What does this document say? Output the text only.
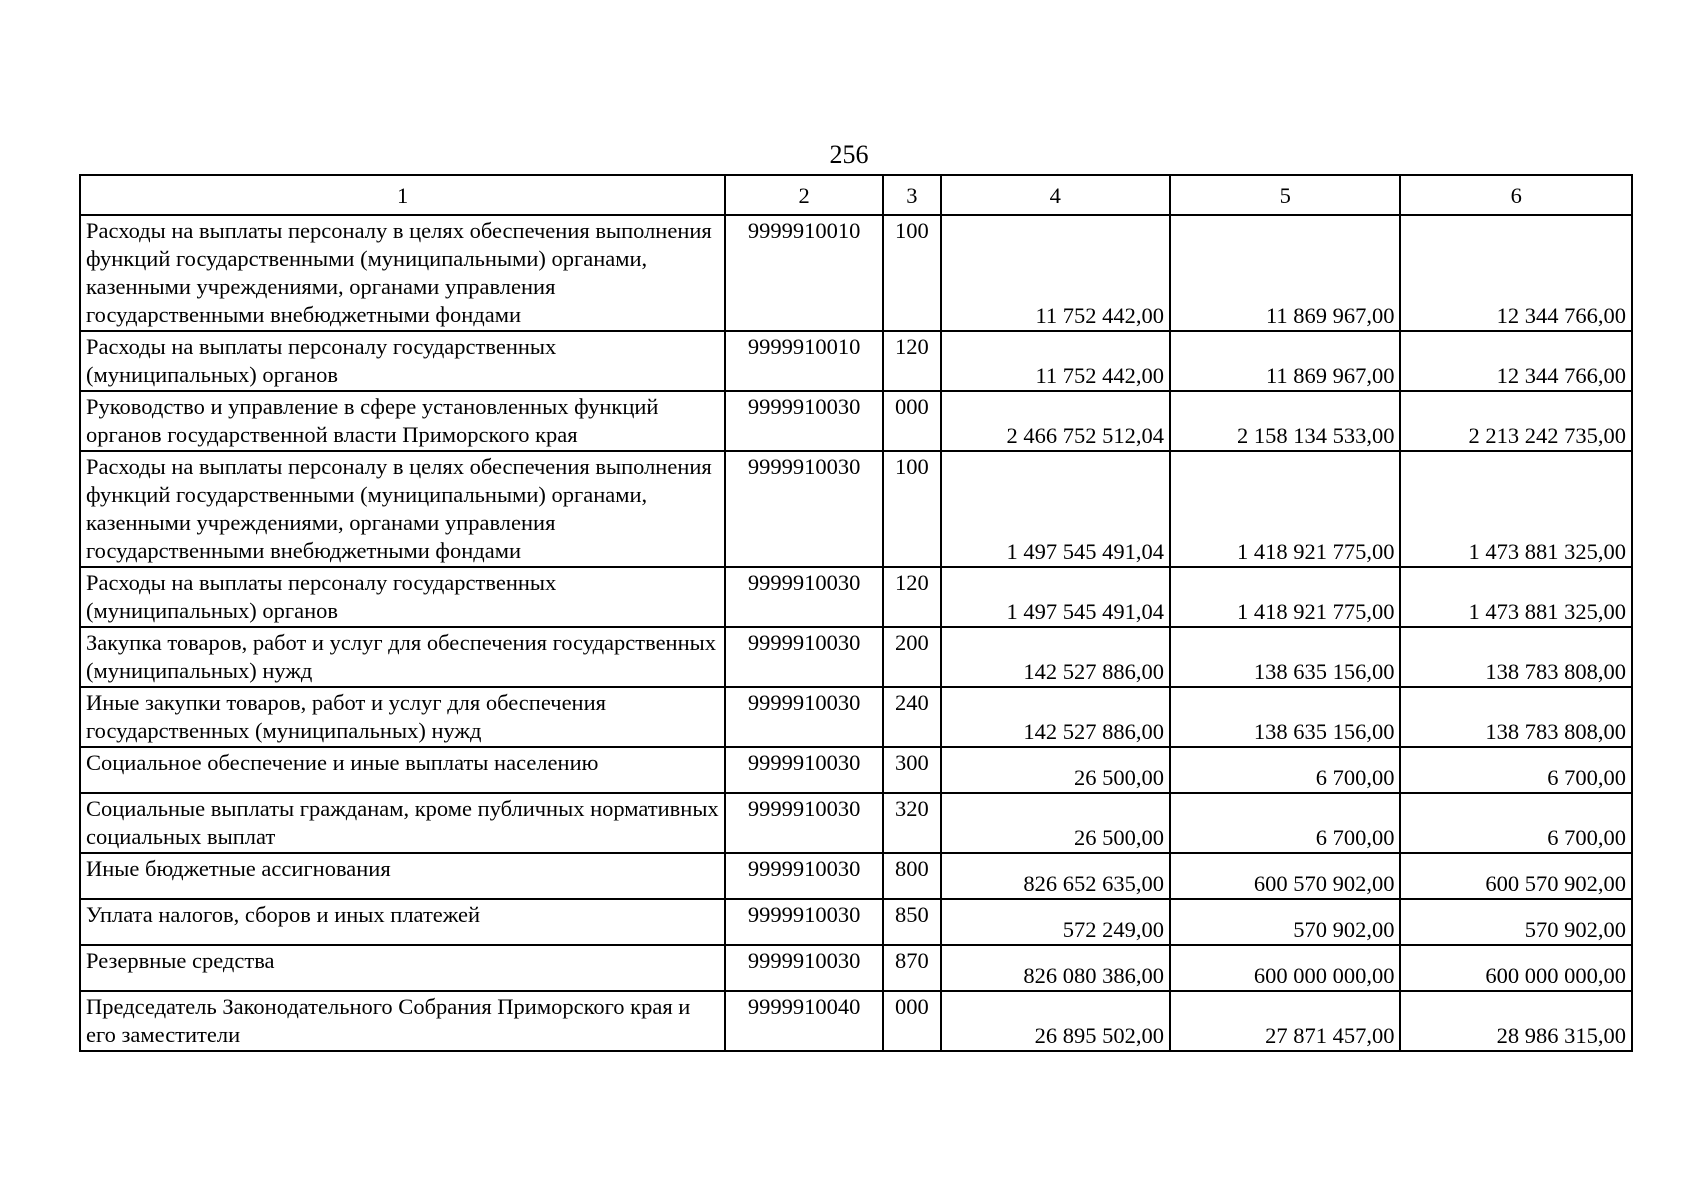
256
1	2	3	4	5	6
Расходы на выплаты персоналу в целях обеспечения выполнения функций государственными (муниципальными) органами, казенными учреждениями, органами управления государственными внебюджетными фондами	9999910010	100	11 752 442,00	11 869 967,00	12 344 766,00
Расходы на выплаты персоналу государственных (муниципальных) органов	9999910010	120	11 752 442,00	11 869 967,00	12 344 766,00
Руководство и управление в сфере установленных функций органов государственной власти Приморского края	9999910030	000	2 466 752 512,04	2 158 134 533,00	2 213 242 735,00
Расходы на выплаты персоналу в целях обеспечения выполнения функций государственными (муниципальными) органами, казенными учреждениями, органами управления государственными внебюджетными фондами	9999910030	100	1 497 545 491,04	1 418 921 775,00	1 473 881 325,00
Расходы на выплаты персоналу государственных (муниципальных) органов	9999910030	120	1 497 545 491,04	1 418 921 775,00	1 473 881 325,00
Закупка товаров, работ и услуг для обеспечения государственных (муниципальных) нужд	9999910030	200	142 527 886,00	138 635 156,00	138 783 808,00
Иные закупки товаров, работ и услуг для обеспечения государственных (муниципальных) нужд	9999910030	240	142 527 886,00	138 635 156,00	138 783 808,00
Социальное обеспечение и иные выплаты населению	9999910030	300	26 500,00	6 700,00	6 700,00
Социальные выплаты гражданам, кроме публичных нормативных социальных выплат	9999910030	320	26 500,00	6 700,00	6 700,00
Иные бюджетные ассигнования	9999910030	800	826 652 635,00	600 570 902,00	600 570 902,00
Уплата налогов, сборов и иных платежей	9999910030	850	572 249,00	570 902,00	570 902,00
Резервные средства	9999910030	870	826 080 386,00	600 000 000,00	600 000 000,00
Председатель Законодательного Собрания Приморского края и его заместители	9999910040	000	26 895 502,00	27 871 457,00	28 986 315,00
